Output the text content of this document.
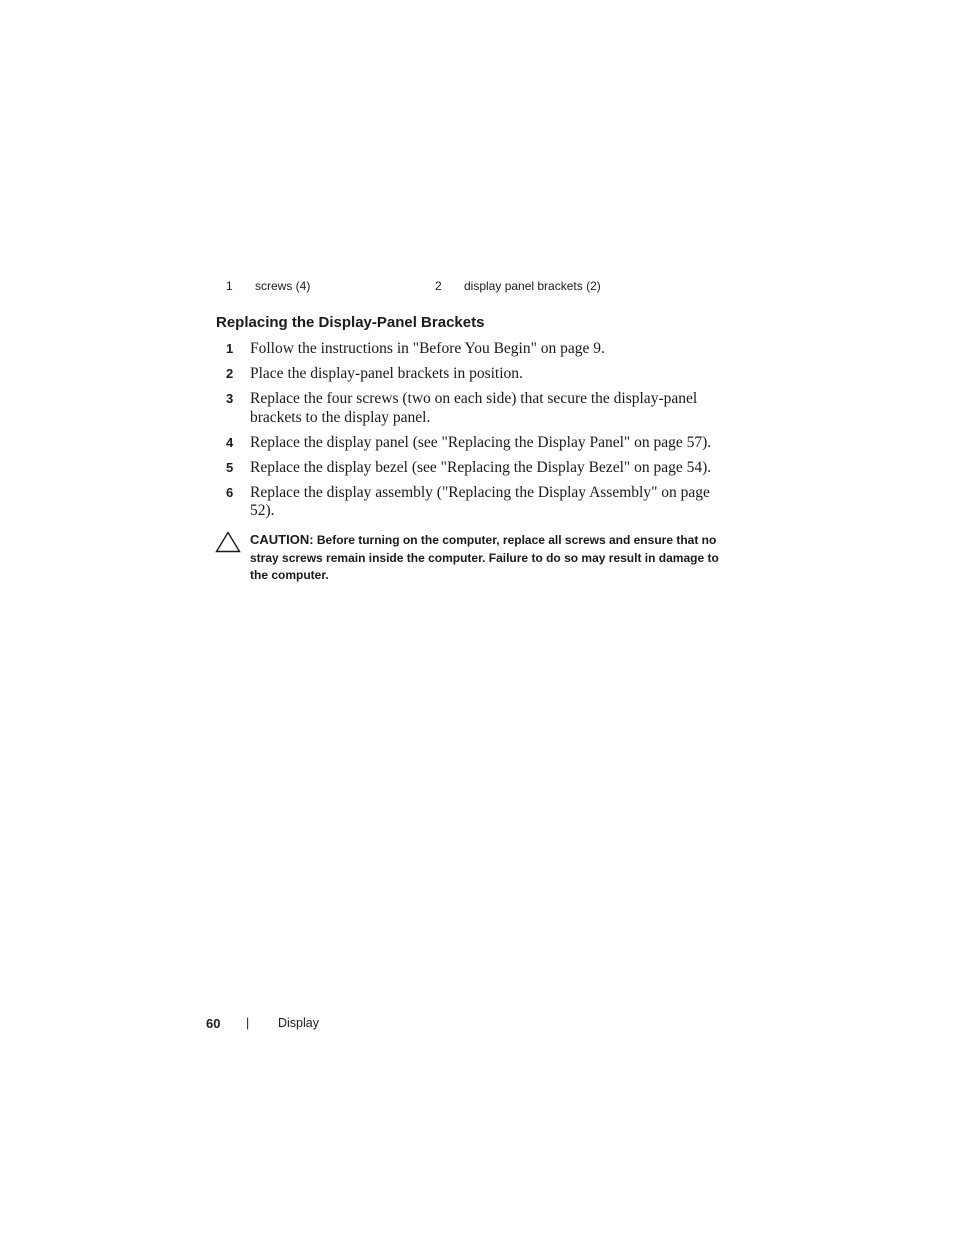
1 screws (4)	2 display panel brackets (2)
Replacing the Display-Panel Brackets
1 Follow the instructions in "Before You Begin" on page 9.
2 Place the display-panel brackets in position.
3 Replace the four screws (two on each side) that secure the display-panel brackets to the display panel.
4 Replace the display panel (see "Replacing the Display Panel" on page 57).
5 Replace the display bezel (see "Replacing the Display Bezel" on page 54).
6 Replace the display assembly ("Replacing the Display Assembly" on page 52).
CAUTION: Before turning on the computer, replace all screws and ensure that no stray screws remain inside the computer. Failure to do so may result in damage to the computer.
60 | Display
